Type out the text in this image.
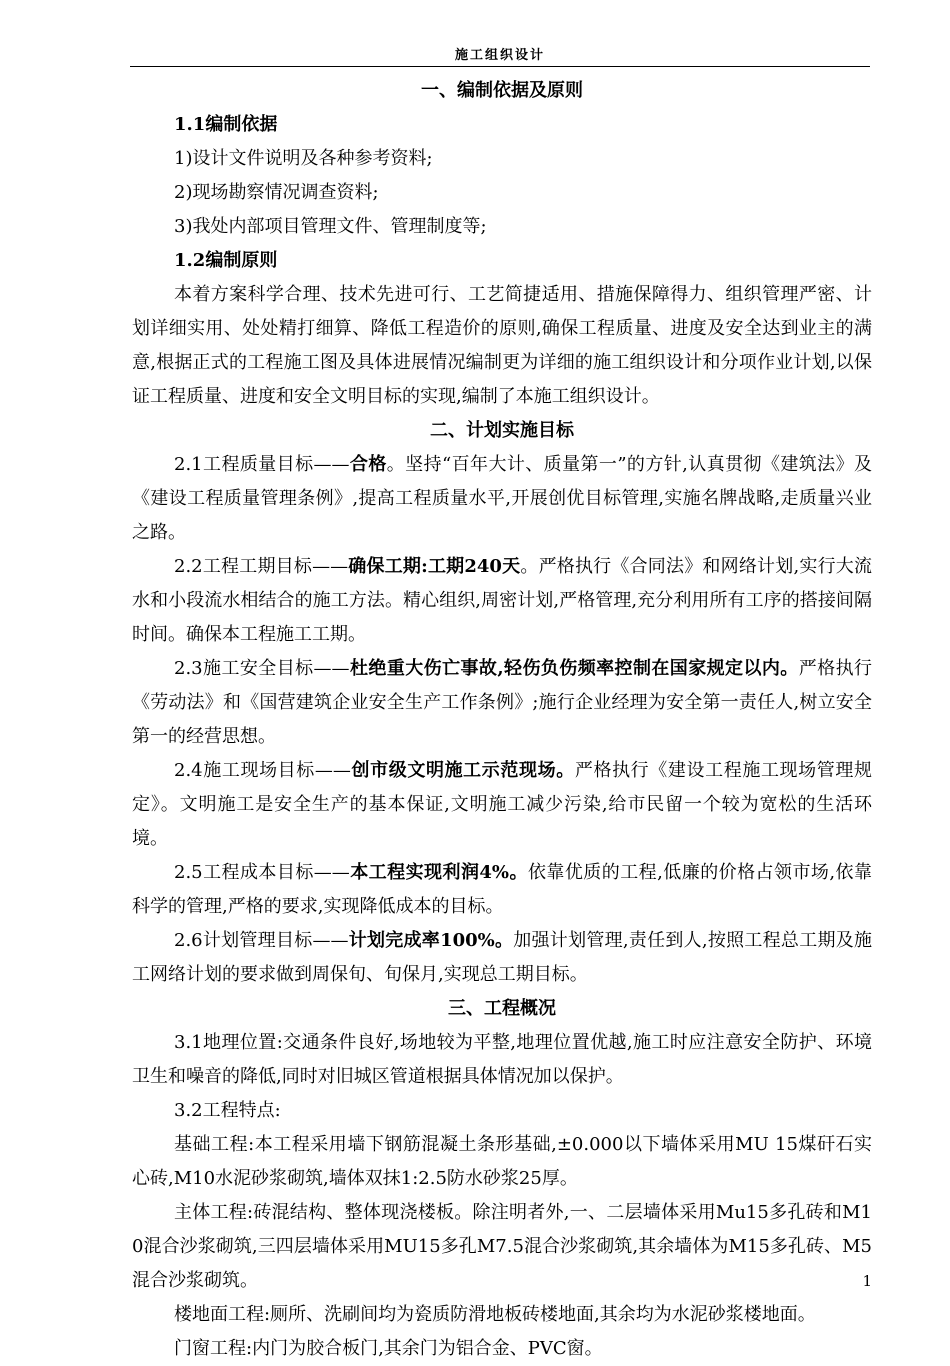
施工组织设计
一、编制依据及原则
1.1编制依据
1)设计文件说明及各种参考资料;
2)现场勘察情况调查资料;
3)我处内部项目管理文件、管理制度等;
1.2编制原则

本着方案科学合理、技术先进可行、工艺简捷适用、措施保障得力、组织管理严密、计划详细实用、处处精打细算、降低工程造价的原则,确保工程质量、进度及安全达到业主的满意,根据正式的工程施工图及具体进展情况编制更为详细的施工组织设计和分项作业计划,以保证工程质量、进度和安全文明目标的实现,编制了本施工组织设计。

二、计划实施目标

2.1工程质量目标——合格。坚持“百年大计、质量第一”的方针,认真贯彻《建筑法》及《建设工程质量管理条例》,提高工程质量水平,开展创优目标管理,实施名牌战略,走质量兴业之路。

2.2工程工期目标——确保工期:工期240天。严格执行《合同法》和网络计划,实行大流水和小段流水相结合的施工方法。精心组织,周密计划,严格管理,充分利用所有工序的搭接间隔时间。确保本工程施工工期。

2.3施工安全目标——杜绝重大伤亡事故,轻伤负伤频率控制在国家规定以内。严格执行《劳动法》和《国营建筑企业安全生产工作条例》;施行企业经理为安全第一责任人,树立安全第一的经营思想。

2.4施工现场目标——创市级文明施工示范现场。严格执行《建设工程施工现场管理规定》。文明施工是安全生产的基本保证,文明施工减少污染,给市民留一个较为宽松的生活环境。

2.5工程成本目标——本工程实现利润4%。依靠优质的工程,低廉的价格占领市场,依靠科学的管理,严格的要求,实现降低成本的目标。

2.6计划管理目标——计划完成率100%。加强计划管理,责任到人,按照工程总工期及施工网络计划的要求做到周保旬、旬保月,实现总工期目标。

三、工程概况

3.1地理位置:交通条件良好,场地较为平整,地理位置优越,施工时应注意安全防护、环境卫生和噪音的降低,同时对旧城区管道根据具体情况加以保护。

3.2工程特点:

基础工程:本工程采用墙下钢筋混凝土条形基础,±0.000以下墙体采用MU 15煤矸石实心砖,M10水泥砂浆砌筑,墙体双抹1:2.5防水砂浆25厚。

主体工程:砖混结构、整体现浇楼板。除注明者外,一、二层墙体采用Mu15多孔砖和M10混合沙浆砌筑,三四层墙体采用MU15多孔M7.5混合沙浆砌筑,其余墙体为M15多孔砖、M5混合沙浆砌筑。

楼地面工程:厕所、洗刷间均为瓷质防滑地板砖楼地面,其余均为水泥砂浆楼地面。

门窗工程:内门为胶合板门,其余门为铝合金、PVC窗。

1
